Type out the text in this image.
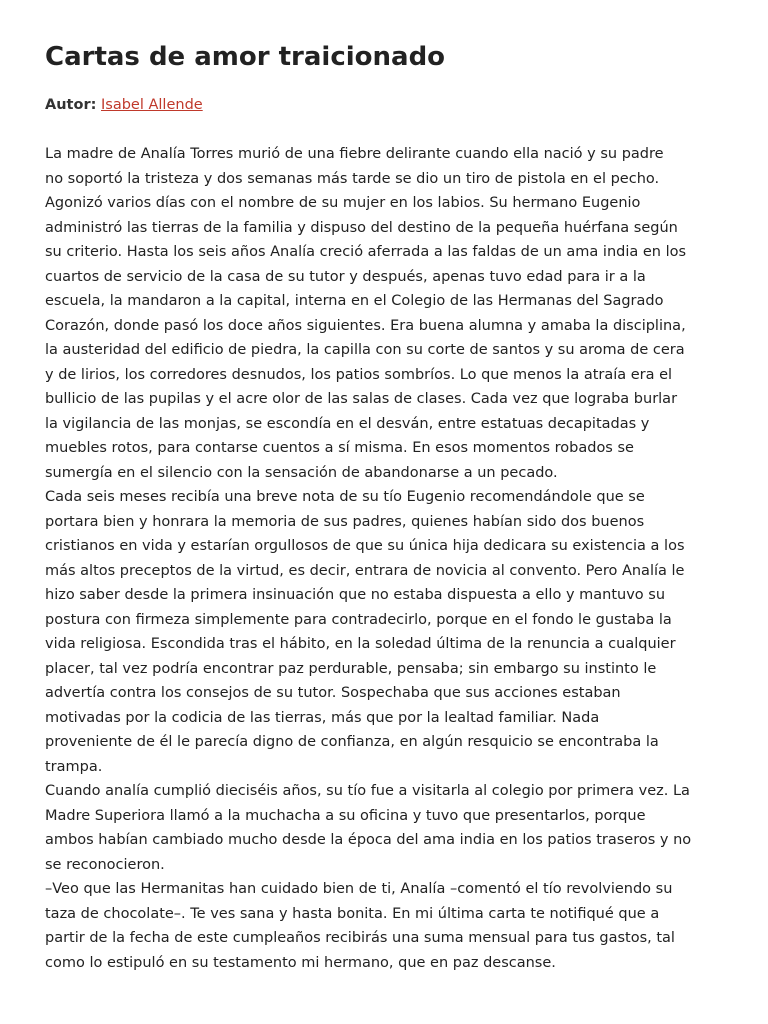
Cartas de amor traicionado
Autor: Isabel Allende

La madre de Analía Torres murió de una fiebre delirante cuando ella nació y su padre
no soportó la tristeza y dos semanas más tarde se dio un tiro de pistola en el pecho.
Agonizó varios días con el nombre de su mujer en los labios. Su hermano Eugenio
administró las tierras de la familia y dispuso del destino de la pequeña huérfana según
su criterio. Hasta los seis años Analía creció aferrada a las faldas de un ama india en los
cuartos de servicio de la casa de su tutor y después, apenas tuvo edad para ir a la
escuela, la mandaron a la capital, interna en el Colegio de las Hermanas del Sagrado
Corazón, donde pasó los doce años siguientes. Era buena alumna y amaba la disciplina,
la austeridad del edificio de piedra, la capilla con su corte de santos y su aroma de cera
y de lirios, los corredores desnudos, los patios sombríos. Lo que menos la atraía era el
bullicio de las pupilas y el acre olor de las salas de clases. Cada vez que lograba burlar
la vigilancia de las monjas, se escondía en el desván, entre estatuas decapitadas y
muebles rotos, para contarse cuentos a sí misma. En esos momentos robados se
sumergía en el silencio con la sensación de abandonarse a un pecado.

Cada seis meses recibía una breve nota de su tío Eugenio recomendándole que se
portara bien y honrara la memoria de sus padres, quienes habían sido dos buenos
cristianos en vida y estarían orgullosos de que su única hija dedicara su existencia a los
más altos preceptos de la virtud, es decir, entrara de novicia al convento. Pero Analía le
hizo saber desde la primera insinuación que no estaba dispuesta a ello y mantuvo su
postura con firmeza simplemente para contradecirlo, porque en el fondo le gustaba la
vida religiosa. Escondida tras el hábito, en la soledad última de la renuncia a cualquier
placer, tal vez podría encontrar paz perdurable, pensaba; sin embargo su instinto le
advertía contra los consejos de su tutor. Sospechaba que sus acciones estaban
motivadas por la codicia de las tierras, más que por la lealtad familiar. Nada
proveniente de él le parecía digno de confianza, en algún resquicio se encontraba la
trampa.

Cuando analía cumplió dieciséis años, su tío fue a visitarla al colegio por primera vez. La
Madre Superiora llamó a la muchacha a su oficina y tuvo que presentarlos, porque
ambos habían cambiado mucho desde la época del ama india en los patios traseros y no
se reconocieron.

–Veo que las Hermanitas han cuidado bien de ti, Analía –comentó el tío revolviendo su
taza de chocolate–. Te ves sana y hasta bonita. En mi última carta te notifiqué que a
partir de la fecha de este cumpleaños recibirás una suma mensual para tus gastos, tal
como lo estipuló en su testamento mi hermano, que en paz descanse.
